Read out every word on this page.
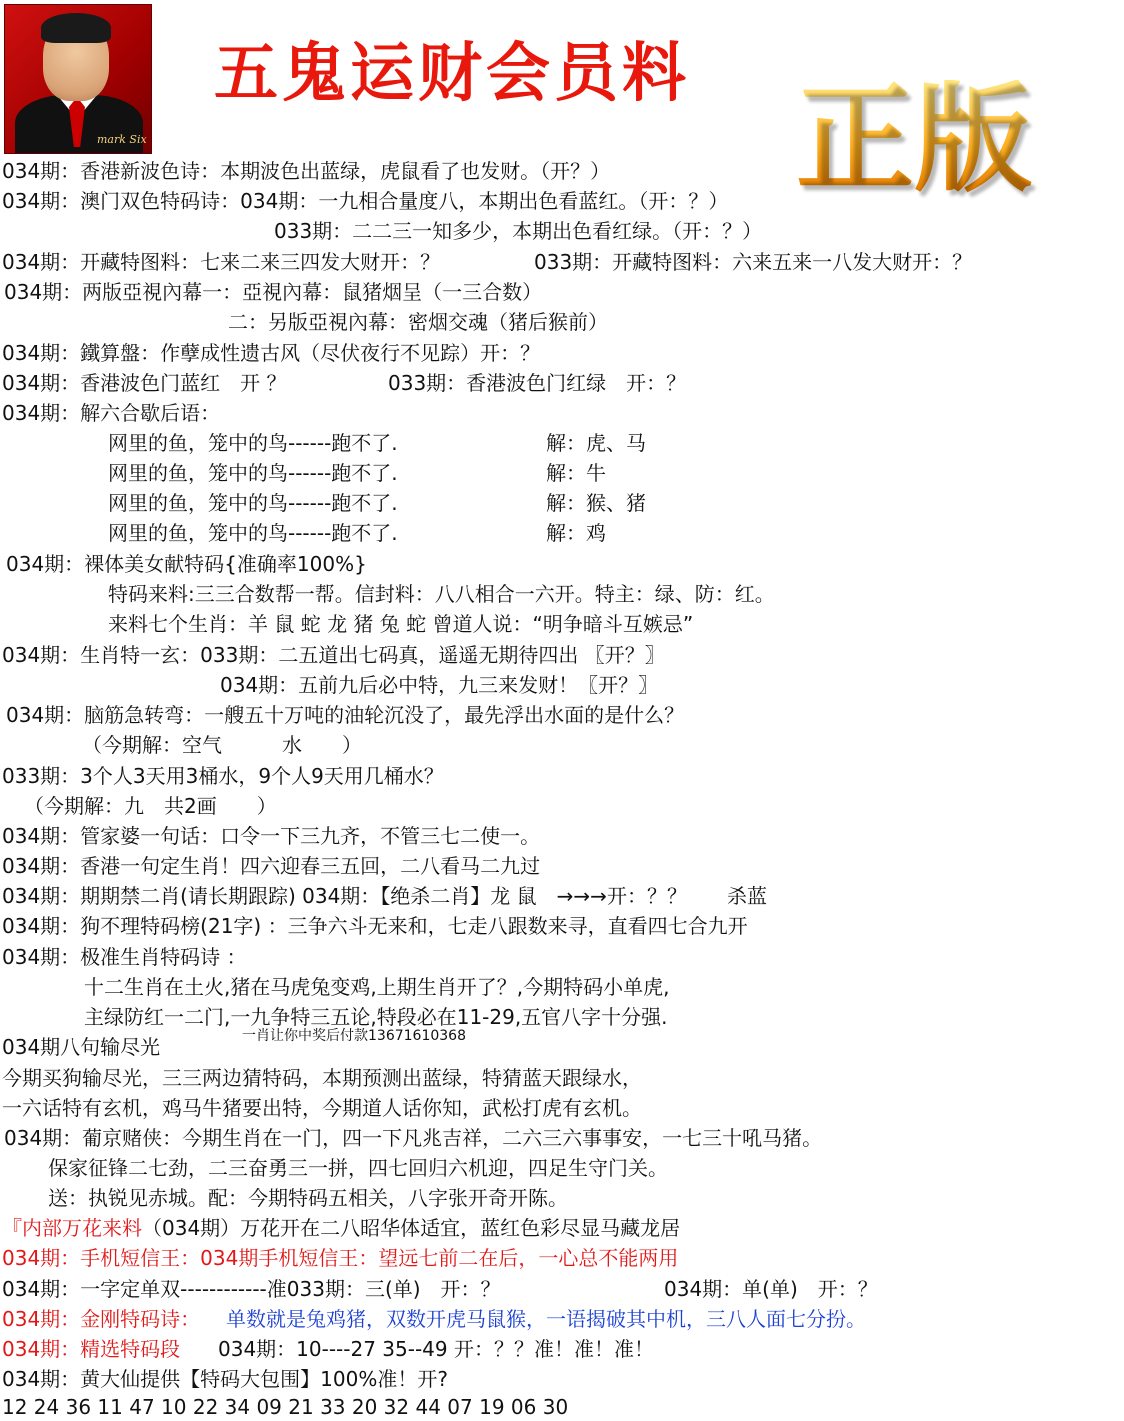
mark Six
五鬼运财会员料 正版
034期：香港新波色诗：本期波色出蓝绿，虎鼠看了也发财。（开？）
034期：澳门双色特码诗：034期：一九相合量度八，本期出色看蓝红。（开：？）
033期：二二三一知多少，本期出色看红绿。（开：？）
034期：开藏特图料：七来二来三四发大财开：？	033期：开藏特图料：六来五来一八发大财开：？
034期：两版亞視內幕一：亞視內幕：鼠猪烟呈（一三合数）
二：另版亞視內幕：密烟交魂（猪后猴前）
034期：鐵算盤：作孽成性遗古风（尽伏夜行不见踪）开：？
034期：香港波色门蓝红　开 ？	033期：香港波色门红绿　开：？
034期：解六合歇后语：
网里的鱼，笼中的鸟------跑不了.	解：虎、马
网里的鱼，笼中的鸟------跑不了.	解：牛
网里的鱼，笼中的鸟------跑不了.	解：猴、猪
网里的鱼，笼中的鸟------跑不了.	解：鸡
034期：裸体美女献特码{准确率100%}
特码来料:三三合数帮一帮。信封料：八八相合一六开。特主：绿、防：红。
来料七个生肖：羊 鼠 蛇 龙 猪 兔 蛇 曾道人说：“明争暗斗互嫉忌”
034期：生肖特一玄：033期：二五道出七码真，遥遥无期待四出 〖开？〗
034期：五前九后必中特，九三来发财！〖开？〗
034期：脑筋急转弯：一艘五十万吨的油轮沉没了，最先浮出水面的是什么？
（今期解：空气　　　水　　）
033期：3个人3天用3桶水，9个人9天用几桶水？
（今期解：九　共2画　　）
034期：管家婆一句话：口令一下三九齐，不管三七二使一。
034期：香港一句定生肖！四六迎春三五回，二八看马二九过
034期：期期禁二肖(请长期跟踪) 034期：【绝杀二肖】龙 鼠　→→→开：？？　　杀蓝
034期：狗不理特码榜(21字) ：三争六斗无来和，七走八跟数来寻，直看四七合九开
034期：极准生肖特码诗 ：
十二生肖在土火,猪在马虎兔变鸡,上期生肖开了？,今期特码小单虎,
主绿防红一二门,一九争特三五论,特段必在11-29,五官八字十分强.
一肖让你中奖后付款13671610368
034期八句输尽光
今期买狗输尽光，三三两边猜特码，本期预测出蓝绿，特猜蓝天跟绿水，
一六话特有玄机，鸡马牛猪要出特，今期道人话你知，武松打虎有玄机。
034期：葡京赌侠：今期生肖在一门，四一下凡兆吉祥，二六三六事事安，一七三十吼马猪。
保家征锋二七劲，二三奋勇三一拼，四七回归六机迎，四足生守门关。
送：执锐见赤城。配：今期特码五相关，八字张开奇开陈。
『内部万花来料（034期）万花开在二八昭华体适宜，蓝红色彩尽显马藏龙居
034期：手机短信王：034期手机短信王：望远七前二在后，一心总不能两用
034期：一字定单双------------准033期：三(单)　开：？	034期：单(单)　开：？
034期：金刚特码诗： 单数就是兔鸡猪，双数开虎马鼠猴，一语揭破其中机，三八人面七分扮。
034期：精选特码段 034期：10----27 35--49 开：？？准！准！准！
034期：黄大仙提供【特码大包围】100%准！开?
12 24 36 11 47 10 22 34 09 21 33 20 32 44 07 19 06 30
